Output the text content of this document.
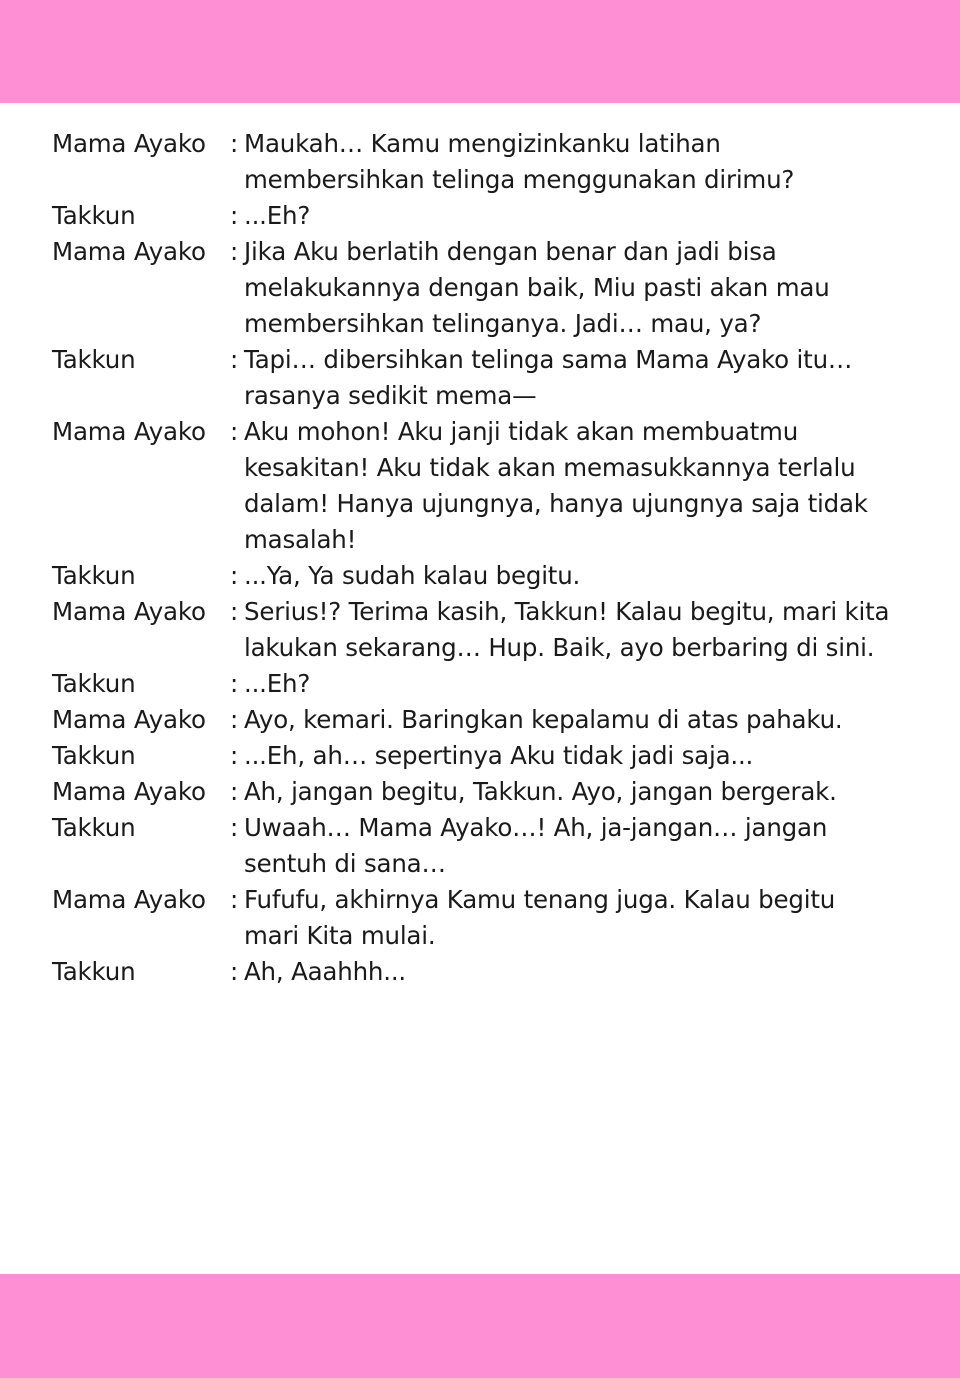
Mama Ayako : Maukah… Kamu mengizinkanku latihan
membersihkan telinga menggunakan dirimu?
Takkun	: ...Eh?
Mama Ayako : Jika Aku berlatih dengan benar dan jadi bisa
melakukannya dengan baik, Miu pasti akan mau
membersihkan telinganya. Jadi… mau, ya?
Takkun	: Tapi… dibersihkan telinga sama Mama Ayako itu…
rasanya sedikit mema—
Mama Ayako : Aku mohon! Aku janji tidak akan membuatmu
kesakitan! Aku tidak akan memasukkannya terlalu
dalam! Hanya ujungnya, hanya ujungnya saja tidak
masalah!
Takkun	: ...Ya, Ya sudah kalau begitu.
Mama Ayako : Serius!? Terima kasih, Takkun! Kalau begitu, mari kita
lakukan sekarang… Hup. Baik, ayo berbaring di sini.
Takkun	: ...Eh?
Mama Ayako : Ayo, kemari. Baringkan kepalamu di atas pahaku.
Takkun	: ...Eh, ah… sepertinya Aku tidak jadi saja...
Mama Ayako : Ah, jangan begitu, Takkun. Ayo, jangan bergerak.
Takkun	: Uwaah… Mama Ayako…! Ah, ja-jangan… jangan
sentuh di sana…
Mama Ayako : Fufufu, akhirnya Kamu tenang juga. Kalau begitu
mari Kita mulai.
Takkun	: Ah, Aaahhh...
